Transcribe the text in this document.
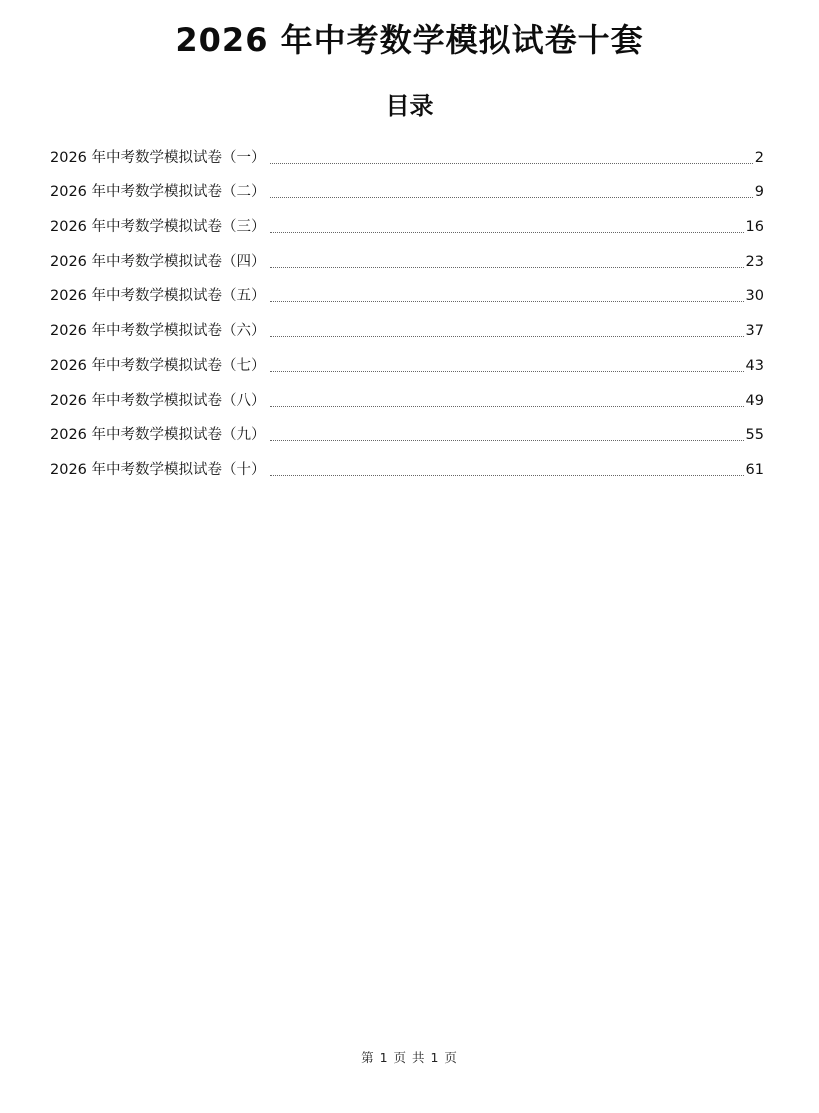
2026 年中考数学模拟试卷十套
目录
2026 年中考数学模拟试卷（一）	2
2026 年中考数学模拟试卷（二）	9
2026 年中考数学模拟试卷（三）	16
2026 年中考数学模拟试卷（四）	23
2026 年中考数学模拟试卷（五）	30
2026 年中考数学模拟试卷（六）	37
2026 年中考数学模拟试卷（七）	43
2026 年中考数学模拟试卷（八）	49
2026 年中考数学模拟试卷（九）	55
2026 年中考数学模拟试卷（十）	61
第 1 页 共 1 页
